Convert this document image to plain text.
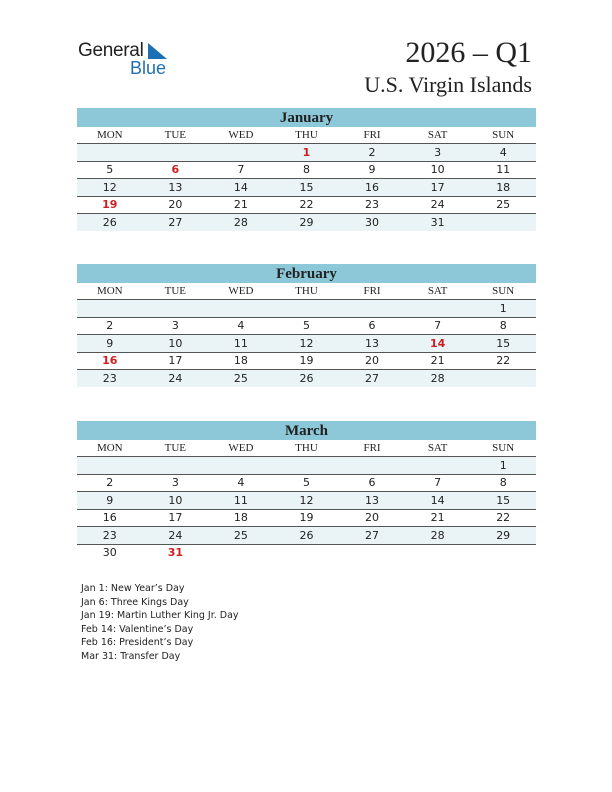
General
Blue	2026 – Q1
U.S. Virgin Islands
January
MON	TUE	WED	THU	FRI	SAT	SUN
			1	2	3	4
5	6	7	8	9	10	11
12	13	14	15	16	17	18
19	20	21	22	23	24	25
26	27	28	29	30	31	
February
MON	TUE	WED	THU	FRI	SAT	SUN
						1
2	3	4	5	6	7	8
9	10	11	12	13	14	15
16	17	18	19	20	21	22
23	24	25	26	27	28	
March
MON	TUE	WED	THU	FRI	SAT	SUN
						1
2	3	4	5	6	7	8
9	10	11	12	13	14	15
16	17	18	19	20	21	22
23	24	25	26	27	28	29
30	31					
Jan 1: New Year’s Day
Jan 6: Three Kings Day
Jan 19: Martin Luther King Jr. Day
Feb 14: Valentine’s Day
Feb 16: President’s Day
Mar 31: Transfer Day
